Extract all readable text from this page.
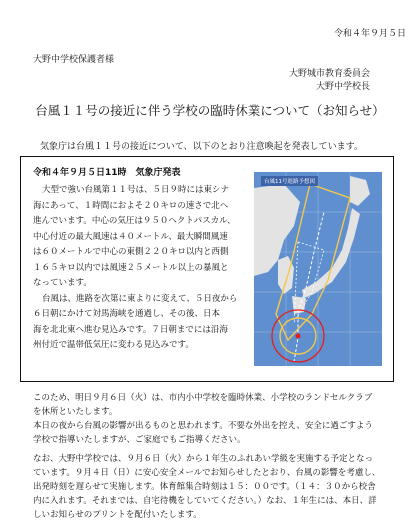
令和４年９月５日
大野中学校保護者様
大野城市教育委員会
大野中学校長
台風１１号の接近に伴う学校の臨時休業について（お知らせ）
気象庁は台風１１号の接近について、以下のとおり注意喚起を発表しています。
令和４年９月５日11時　気象庁発表

大型で強い台風第１１号は、５日９時には東シナ

海にあって、１時間におよそ２０キロの速さで北へ

進んでいます。中心の気圧は９５０ヘクトパスカル、

中心付近の最大風速は４０メートル、最大瞬間風速

は６０メートルで中心の東側２２０キロ以内と西側

１６５キロ以内では風速２５メートル以上の暴風と

なっています。

台風は、進路を次第に東よりに変えて、５日夜から

６日朝にかけて対馬海峡を通過し、その後、日本

海を北北東へ進む見込みです。７日朝までには沿海

州付近で温帯低気圧に変わる見込みです。

台風11号進路予想図

このため、明日９月６日（火）は、市内小中学校を臨時休業、小学校のランドセルクラブ

を休所といたします。

本日の夜から台風の影響が出るものと思われます。不要な外出を控え、安全に過ごすよう

学校で指導いたしますが、ご家庭でもご指導ください。

なお、大野中学校では、９月６日（火）から１年生のふれあい学級を実施する予定となっ

ています。９月４日（日）に安心安全メールでお知らせしたとおり、台風の影響を考慮し、

出発時刻を遅らせて実施します。体育館集合時刻は１５：００です。（１４：３０から校舎

内に入れます。それまでは、自宅待機をしていてください。）なお、１年生には、本日、詳

しいお知らせのプリントを配付いたします。
